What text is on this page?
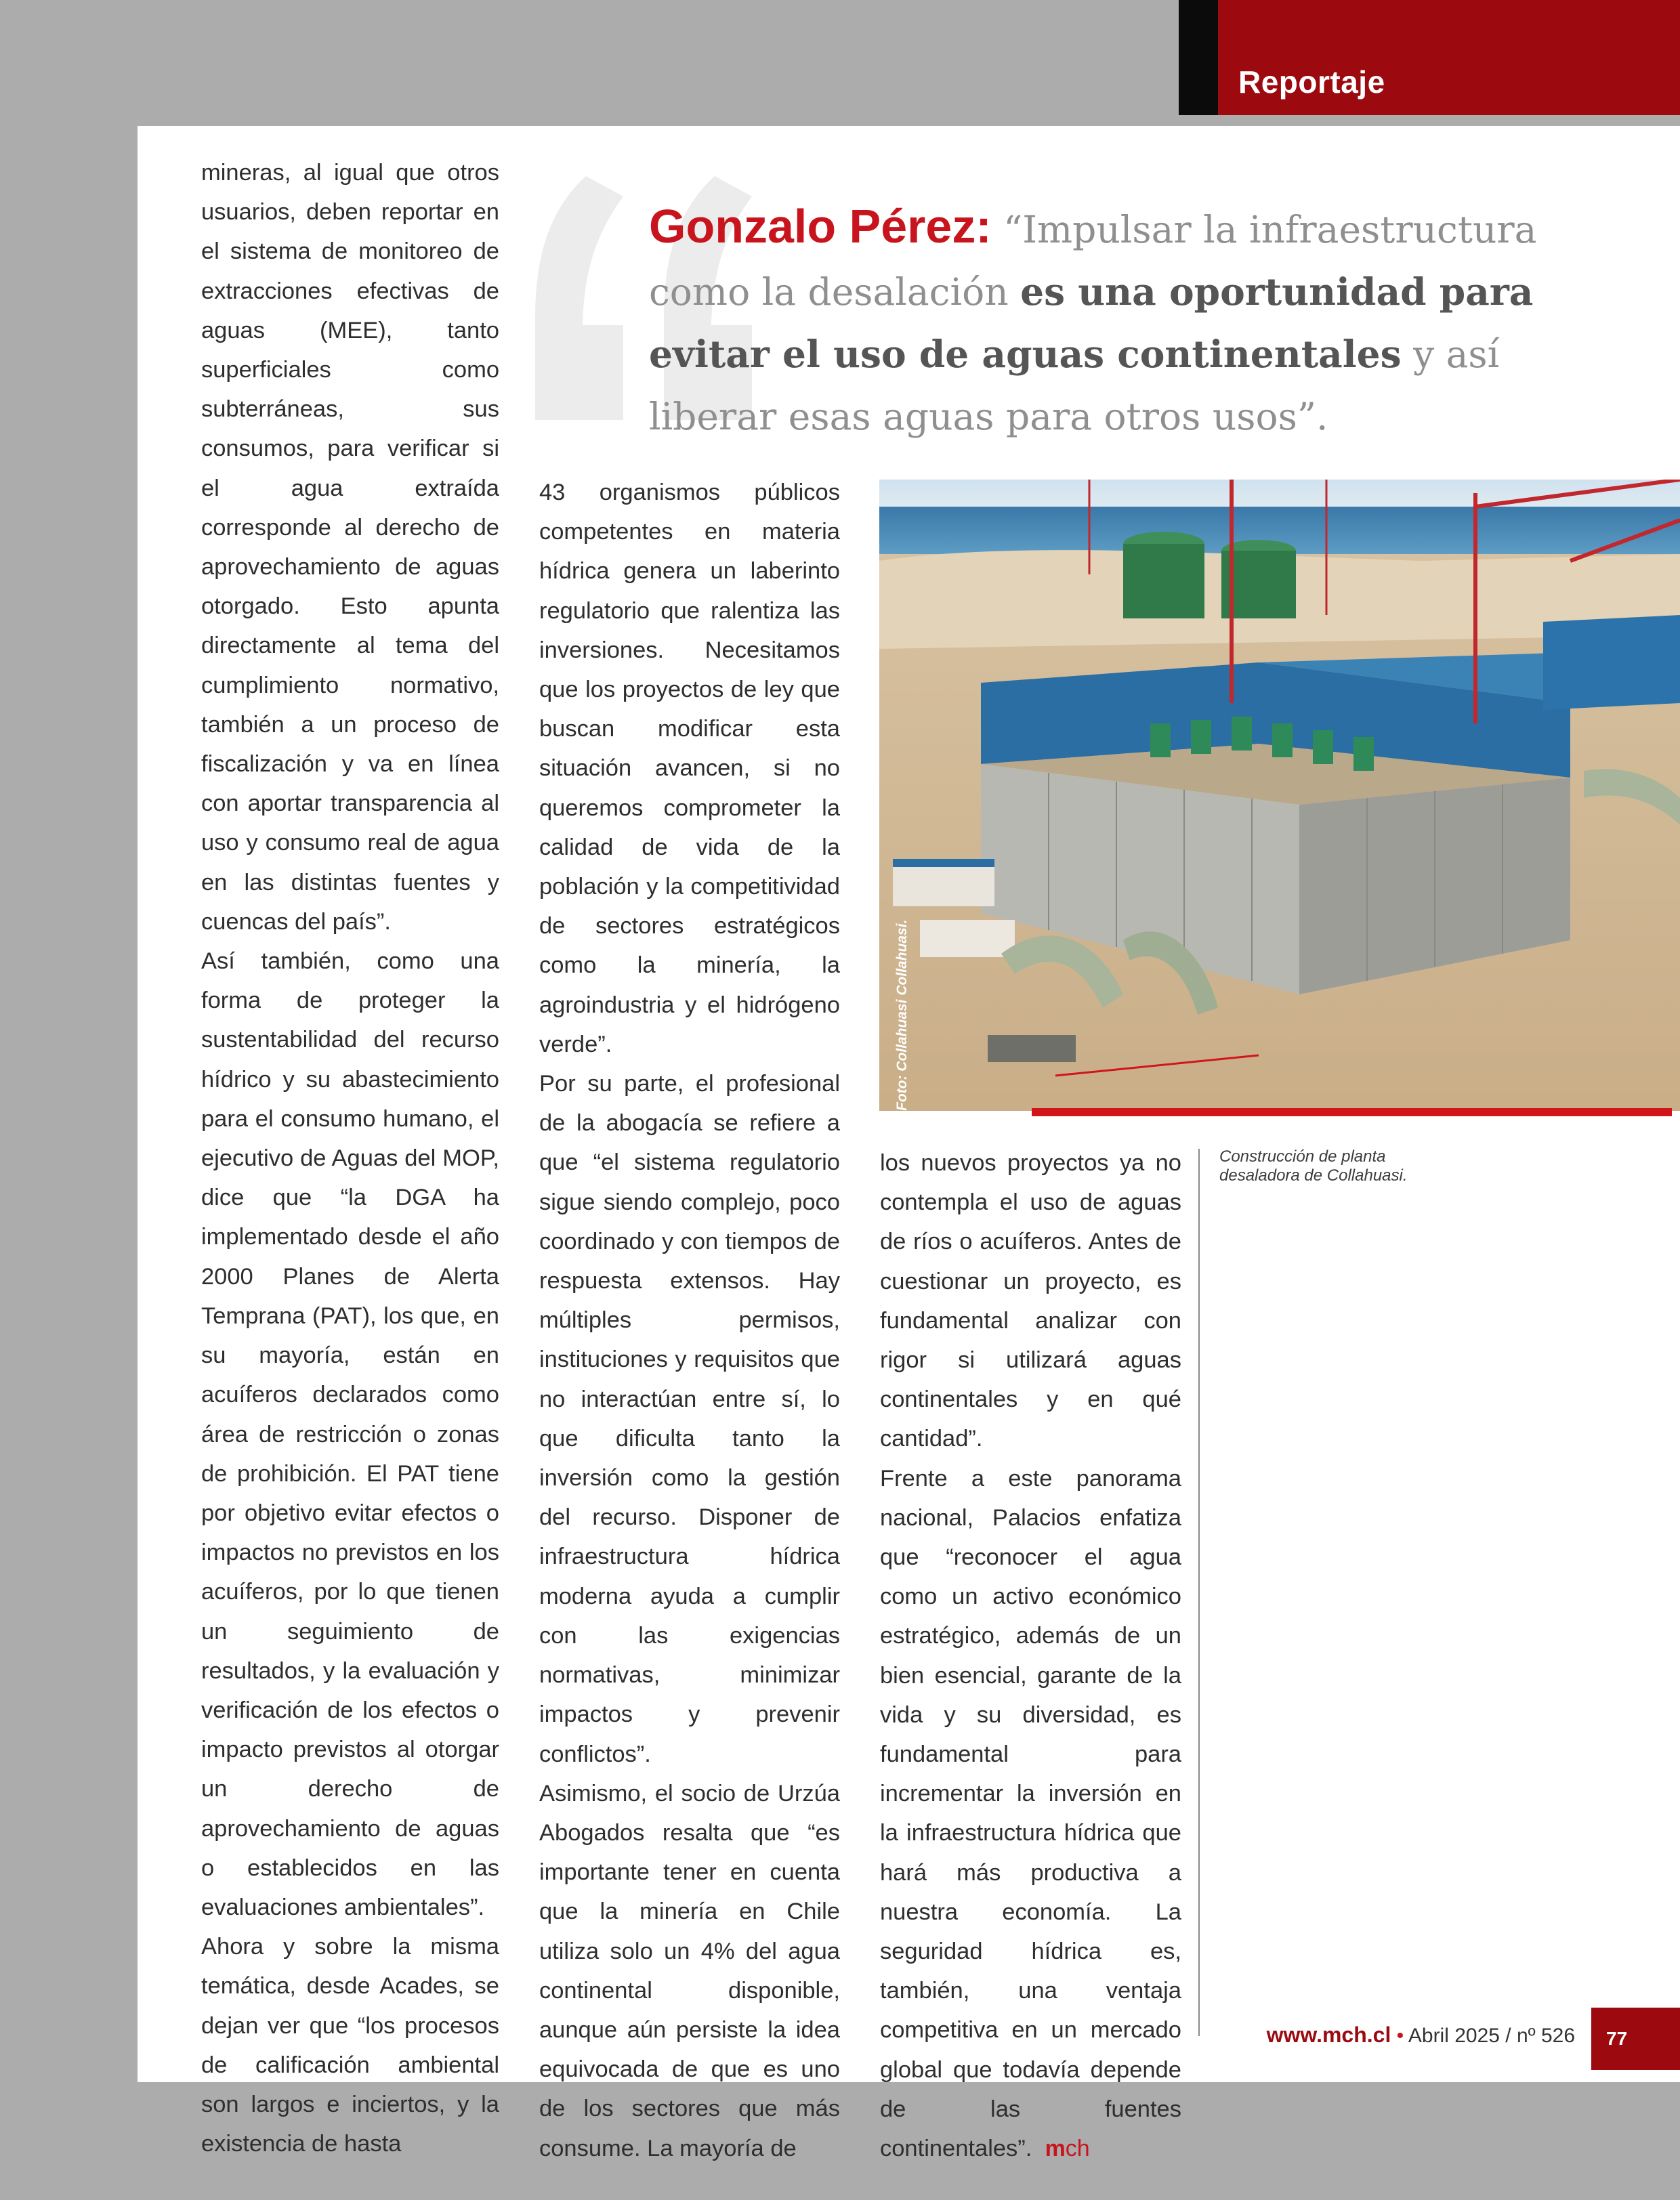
Reportaje
Gonzalo Pérez: “Impulsar la infraestructura como la desalación es una oportunidad para evitar el uso de aguas continentales y así liberar esas aguas para otros usos”.

mineras, al igual que otros usuarios, deben reportar en el sistema de monitoreo de extracciones efectivas de aguas (MEE), tanto superficiales como subterráneas, sus consumos, para verificar si el agua extraída corresponde al derecho de aprovechamiento de aguas otorgado. Esto apunta directamente al tema del cumplimiento normativo, también a un proceso de fiscalización y va en línea con aportar transparencia al uso y consumo real de agua en las distintas fuentes y cuencas del país”.

Así también, como una forma de proteger la sustentabilidad del recurso hídrico y su abastecimiento para el consumo humano, el ejecutivo de Aguas del MOP, dice que “la DGA ha implementado desde el año 2000 Planes de Alerta Temprana (PAT), los que, en su mayoría, están en acuíferos declarados como área de restricción o zonas de prohibición. El PAT tiene por objetivo evitar efectos o impactos no previstos en los acuíferos, por lo que tienen un seguimiento de resultados, y la evaluación y verificación de los efectos o impacto previstos al otorgar un derecho de aprovechamiento de aguas o establecidos en las evaluaciones ambientales”.

Ahora y sobre la misma temática, desde Acades, se dejan ver que “los procesos de calificación ambiental son largos e inciertos, y la existencia de hasta

43 organismos públicos competentes en materia hídrica genera un laberinto regulatorio que ralentiza las inversiones. Necesitamos que los proyectos de ley que buscan modificar esta situación avancen, si no queremos comprometer la calidad de vida de la población y la competitividad de sectores estratégicos como la minería, la agroindustria y el hidrógeno verde”.

Por su parte, el profesional de la abogacía se refiere a que “el sistema regulatorio sigue siendo complejo, poco coordinado y con tiempos de respuesta extensos. Hay múltiples permisos, instituciones y requisitos que no interactúan entre sí, lo que dificulta tanto la inversión como la gestión del recurso. Disponer de infraestructura hídrica moderna ayuda a cumplir con las exigencias normativas, minimizar impactos y prevenir conflictos”.

Asimismo, el socio de Urzúa Abogados resalta que “es importante tener en cuenta que la minería en Chile utiliza solo un 4% del agua continental disponible, aunque aún persiste la idea equivocada de que es uno de los sectores que más consume. La mayoría de

Foto: Collahuasi Collahuasi.

los nuevos proyectos ya no contempla el uso de aguas de ríos o acuíferos. Antes de cuestionar un proyecto, es fundamental analizar con rigor si utilizará aguas continentales y en qué cantidad”.

Frente a este panorama nacional, Palacios enfatiza que “reconocer el agua como un activo económico estratégico, además de un bien esencial, garante de la vida y su diversidad, es fundamental para incrementar la inversión en la infraestructura hídrica que hará más productiva a nuestra economía. La seguridad hídrica es, también, una ventaja competitiva en un mercado global que todavía depende de las fuentes continentales”. mch

Construcción de planta desaladora de Collahuasi.
www.mch.cl • Abril 2025 / nº 526 77
